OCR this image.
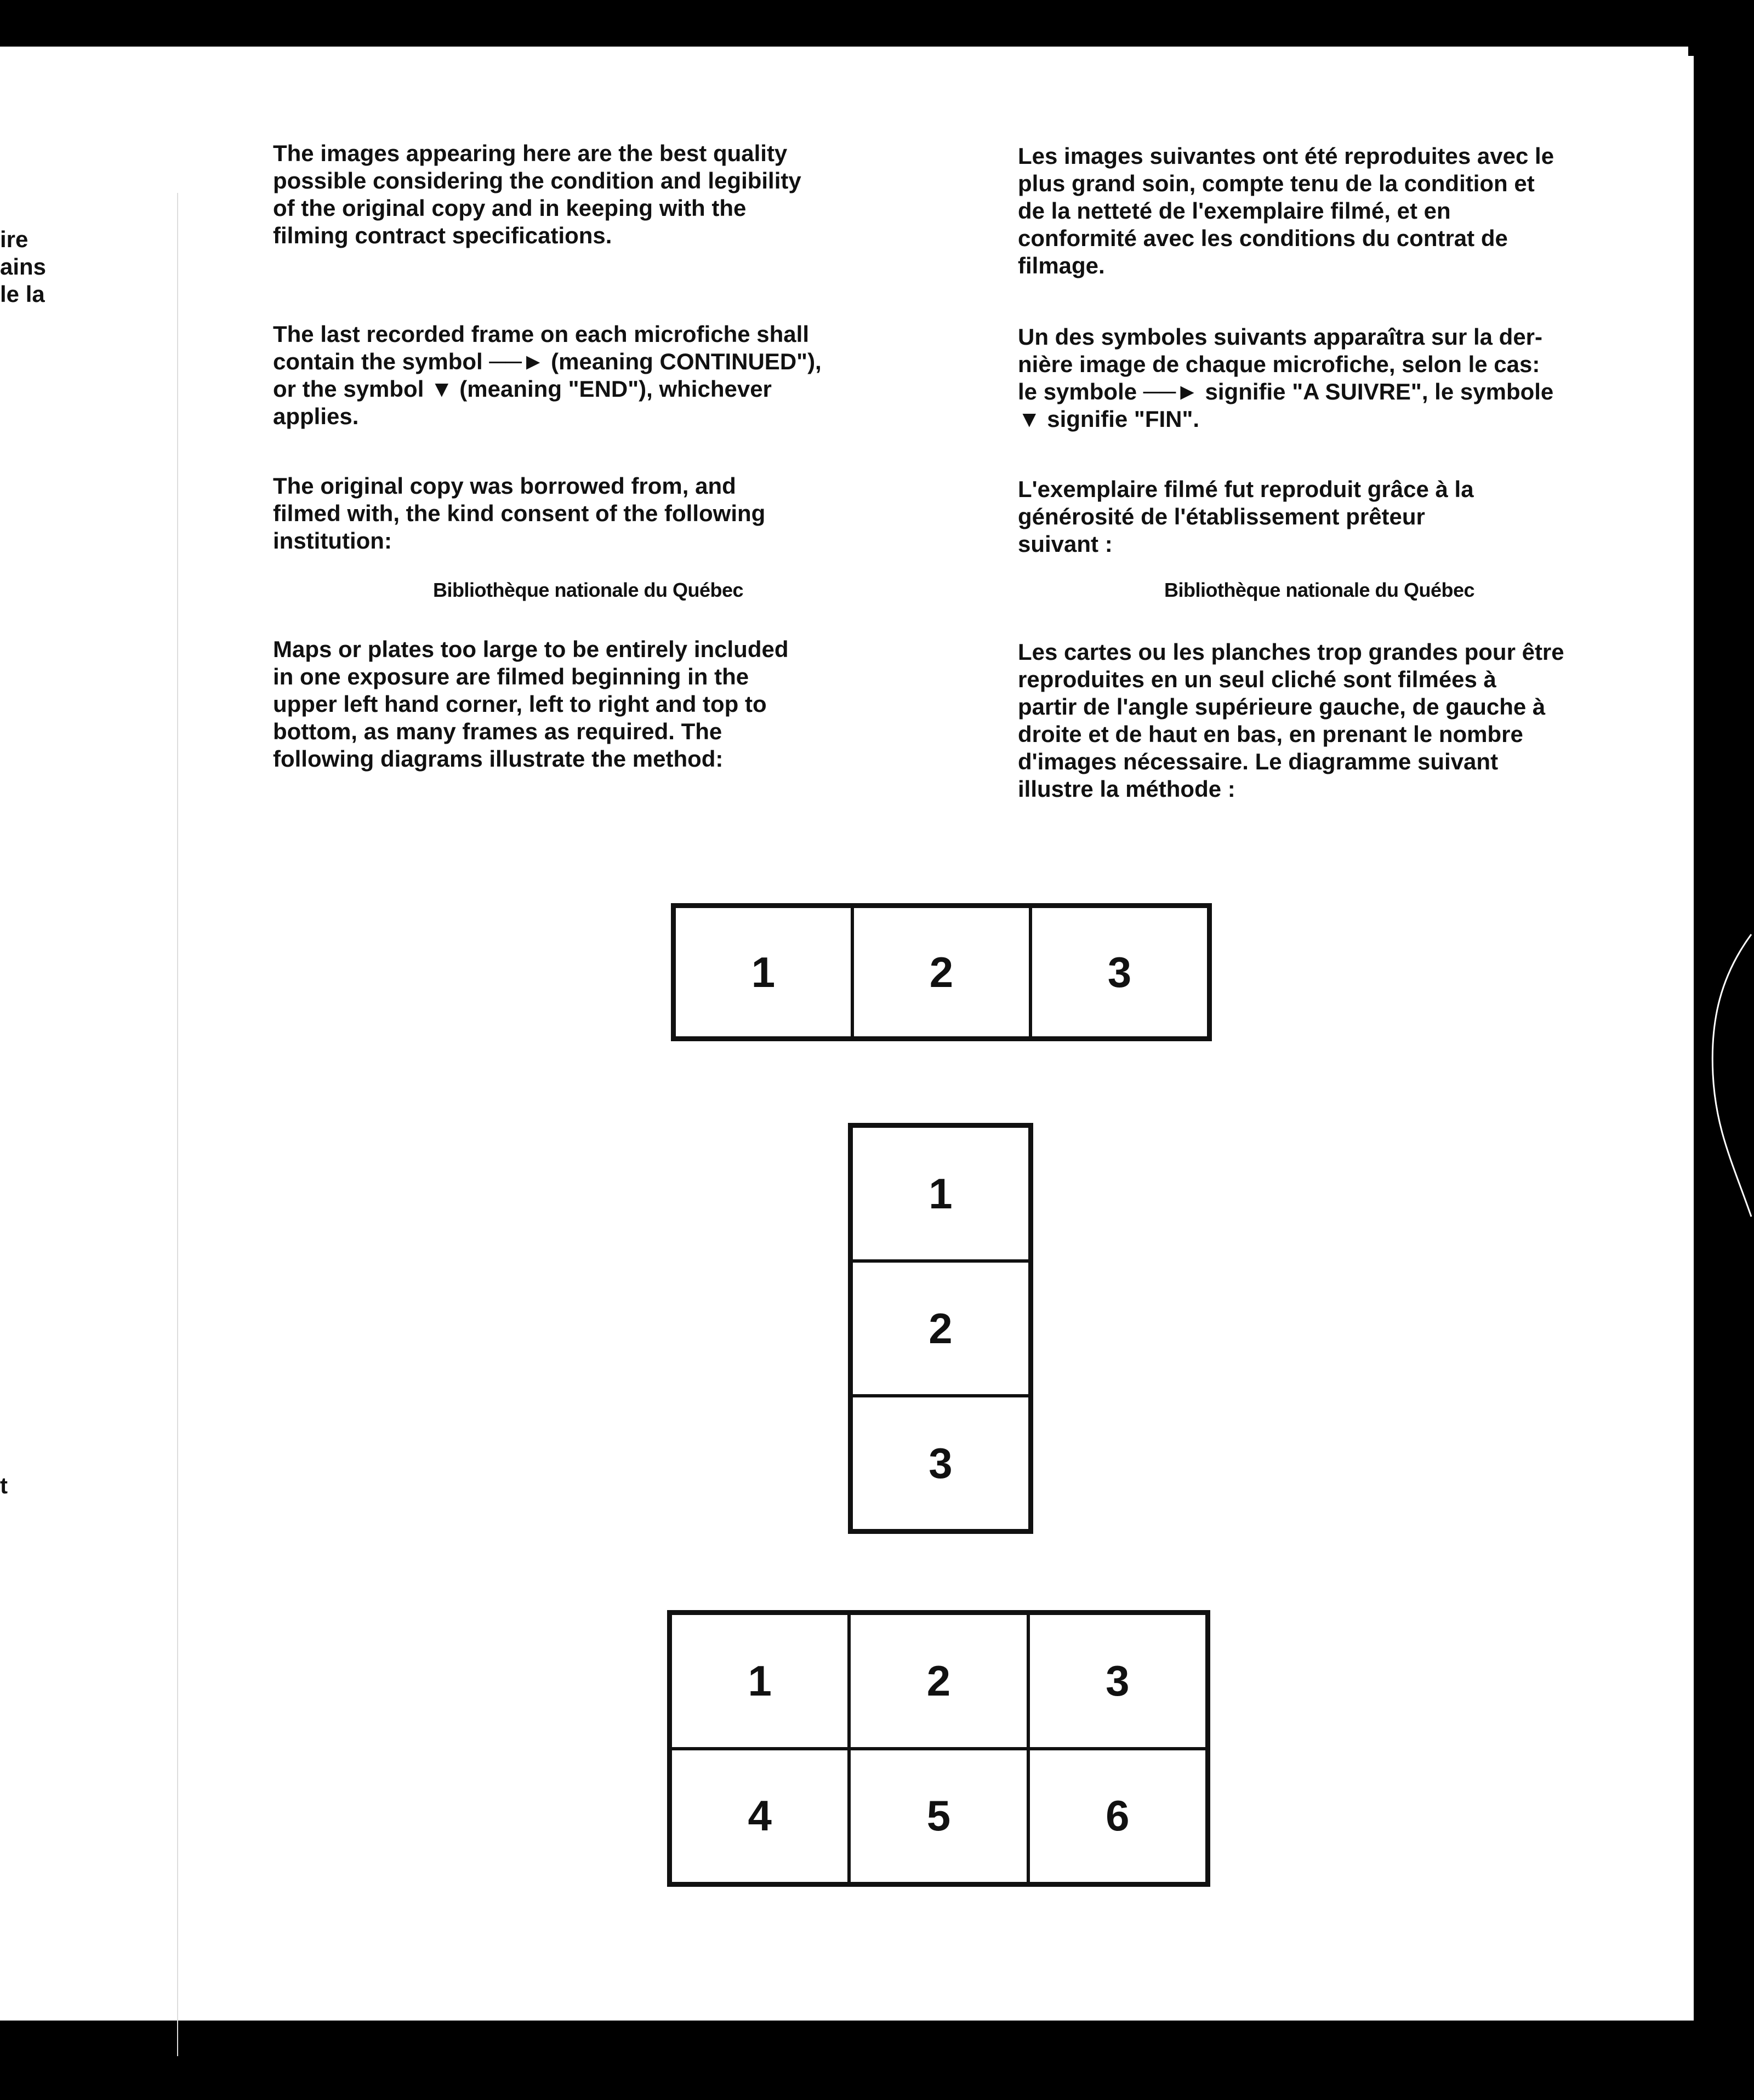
ire
ains
le la
t
The images appearing here are the best quality
possible considering the condition and legibility
of the original copy and in keeping with the
filming contract specifications.
The last recorded frame on each microfiche shall
contain the symbol ──► (meaning CONTINUED"),
or the symbol ▼ (meaning "END"), whichever
applies.
The original copy was borrowed from, and
filmed with, the kind consent of the following
institution:
Bibliothèque nationale du Québec
Maps or plates too large to be entirely included
in one exposure are filmed beginning in the
upper left hand corner, left to right and top to
bottom, as many frames as required. The
following diagrams illustrate the method:
Les images suivantes ont été reproduites avec le
plus grand soin, compte tenu de la condition et
de la netteté de l'exemplaire filmé, et en
conformité avec les conditions du contrat de
filmage.
Un des symboles suivants apparaîtra sur la der-
nière image de chaque microfiche, selon le cas:
le symbole ──► signifie "A SUIVRE", le symbole
▼ signifie "FIN".
L'exemplaire filmé fut reproduit grâce à la
générosité de l'établissement prêteur
suivant :
Bibliothèque nationale du Québec
Les cartes ou les planches trop grandes pour être
reproduites en un seul cliché sont filmées à
partir de l'angle supérieure gauche, de gauche à
droite et de haut en bas, en prenant le nombre
d'images nécessaire. Le diagramme suivant
illustre la méthode :
1	2	3
1
2
3
1	2	3
4	5	6
